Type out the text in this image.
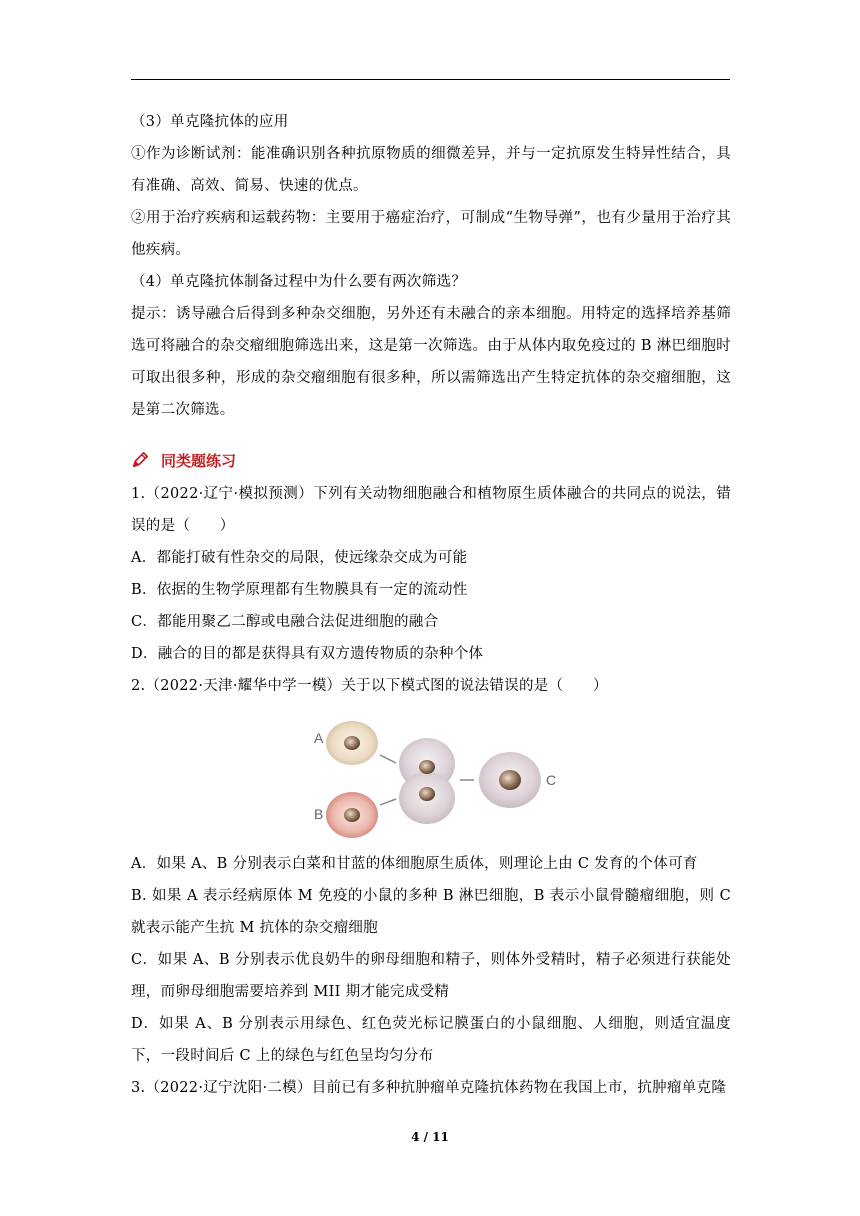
（3）单克隆抗体的应用

①作为诊断试剂：能准确识别各种抗原物质的细微差异，并与一定抗原发生特异性结合，具有准确、高效、简易、快速的优点。

②用于治疗疾病和运载药物：主要用于癌症治疗，可制成“生物导弹”，也有少量用于治疗其他疾病。

（4）单克隆抗体制备过程中为什么要有两次筛选？

提示：诱导融合后得到多种杂交细胞，另外还有未融合的亲本细胞。用特定的选择培养基筛选可将融合的杂交瘤细胞筛选出来，这是第一次筛选。由于从体内取免疫过的 B 淋巴细胞时可取出很多种，形成的杂交瘤细胞有很多种，所以需筛选出产生特定抗体的杂交瘤细胞，这是第二次筛选。

同类题练习

1.（2022·辽宁·模拟预测）下列有关动物细胞融合和植物原生质体融合的共同点的说法，错误的是（　　）

A．都能打破有性杂交的局限，使远缘杂交成为可能

B．依据的生物学原理都有生物膜具有一定的流动性

C．都能用聚乙二醇或电融合法促进细胞的融合

D．融合的目的都是获得具有双方遗传物质的杂种个体

2.（2022·天津·耀华中学一模）关于以下模式图的说法错误的是（　　）

A
B
C

A．如果 A、B 分别表示白菜和甘蓝的体细胞原生质体，则理论上由 C 发育的个体可育

B. 如果 A 表示经病原体 M 免疫的小鼠的多种 B 淋巴细胞，B 表示小鼠骨髓瘤细胞，则 C 就表示能产生抗 M 抗体的杂交瘤细胞

C．如果 A、B 分别表示优良奶牛的卵母细胞和精子，则体外受精时，精子必须进行获能处理，而卵母细胞需要培养到 MII 期才能完成受精

D．如果 A、B 分别表示用绿色、红色荧光标记膜蛋白的小鼠细胞、人细胞，则适宜温度下，一段时间后 C 上的绿色与红色呈均匀分布

3.（2022·辽宁沈阳·二模）目前已有多种抗肿瘤单克隆抗体药物在我国上市，抗肿瘤单克隆

4 / 11
